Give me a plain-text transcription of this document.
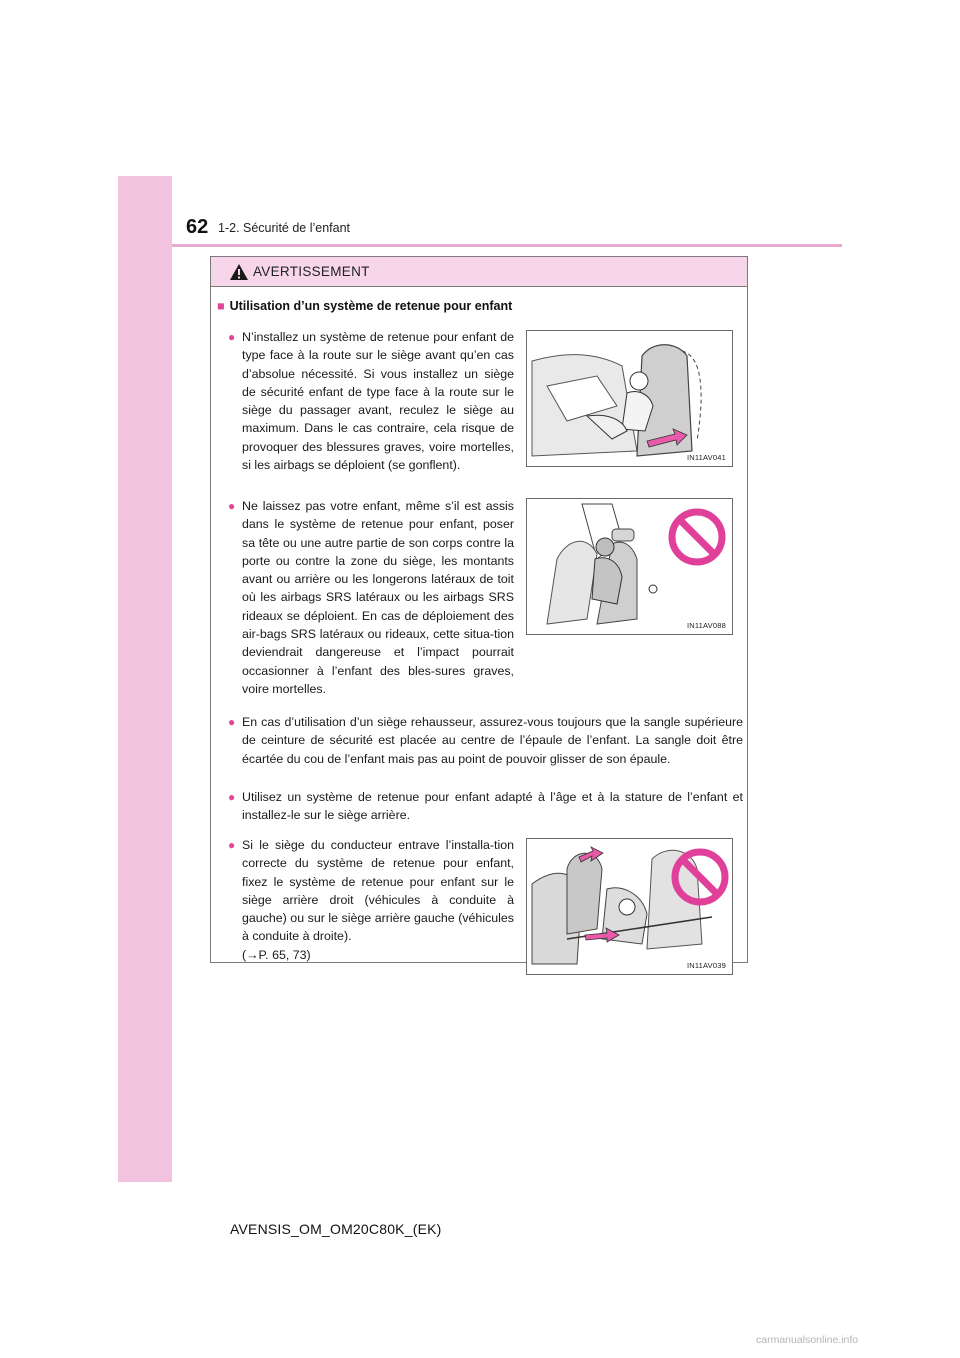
62 1-2. Sécurité de l’enfant
AVERTISSEMENT
■ Utilisation d’un système de retenue pour enfant
● N’installez un système de retenue pour enfant de type face à la route sur le siège avant qu’en cas d’absolue nécessité. Si vous installez un siège de sécurité enfant de type face à la route sur le siège du passager avant, reculez le siège au maximum. Dans le cas contraire, cela risque de provoquer des blessures graves, voire mortelles, si les airbags se déploient (se gonflent).
IN11AV041
● Ne laissez pas votre enfant, même s’il est assis dans le système de retenue pour enfant, poser sa tête ou une autre partie de son corps contre la porte ou contre la zone du siège, les montants avant ou arrière ou les longerons latéraux de toit où les airbags SRS latéraux ou les airbags SRS rideaux se déploient. En cas de déploiement des air-bags SRS latéraux ou rideaux, cette situa-tion deviendrait dangereuse et l’impact pourrait occasionner à l’enfant des bles-sures graves, voire mortelles.
IN11AV088
● En cas d’utilisation d’un siège rehausseur, assurez-vous toujours que la sangle supérieure de ceinture de sécurité est placée au centre de l’épaule de l’enfant. La sangle doit être écartée du cou de l’enfant mais pas au point de pouvoir glisser de son épaule.
● Utilisez un système de retenue pour enfant adapté à l’âge et à la stature de l’enfant et installez-le sur le siège arrière.
● Si le siège du conducteur entrave l’installa-tion correcte du système de retenue pour enfant, fixez le système de retenue pour enfant sur le siège arrière droit (véhicules à conduite à gauche) ou sur le siège arrière gauche (véhicules à conduite à droite).
(→P. 65, 73)
IN11AV039
AVENSIS_OM_OM20C80K_(EK)
carmanualsonline.info
